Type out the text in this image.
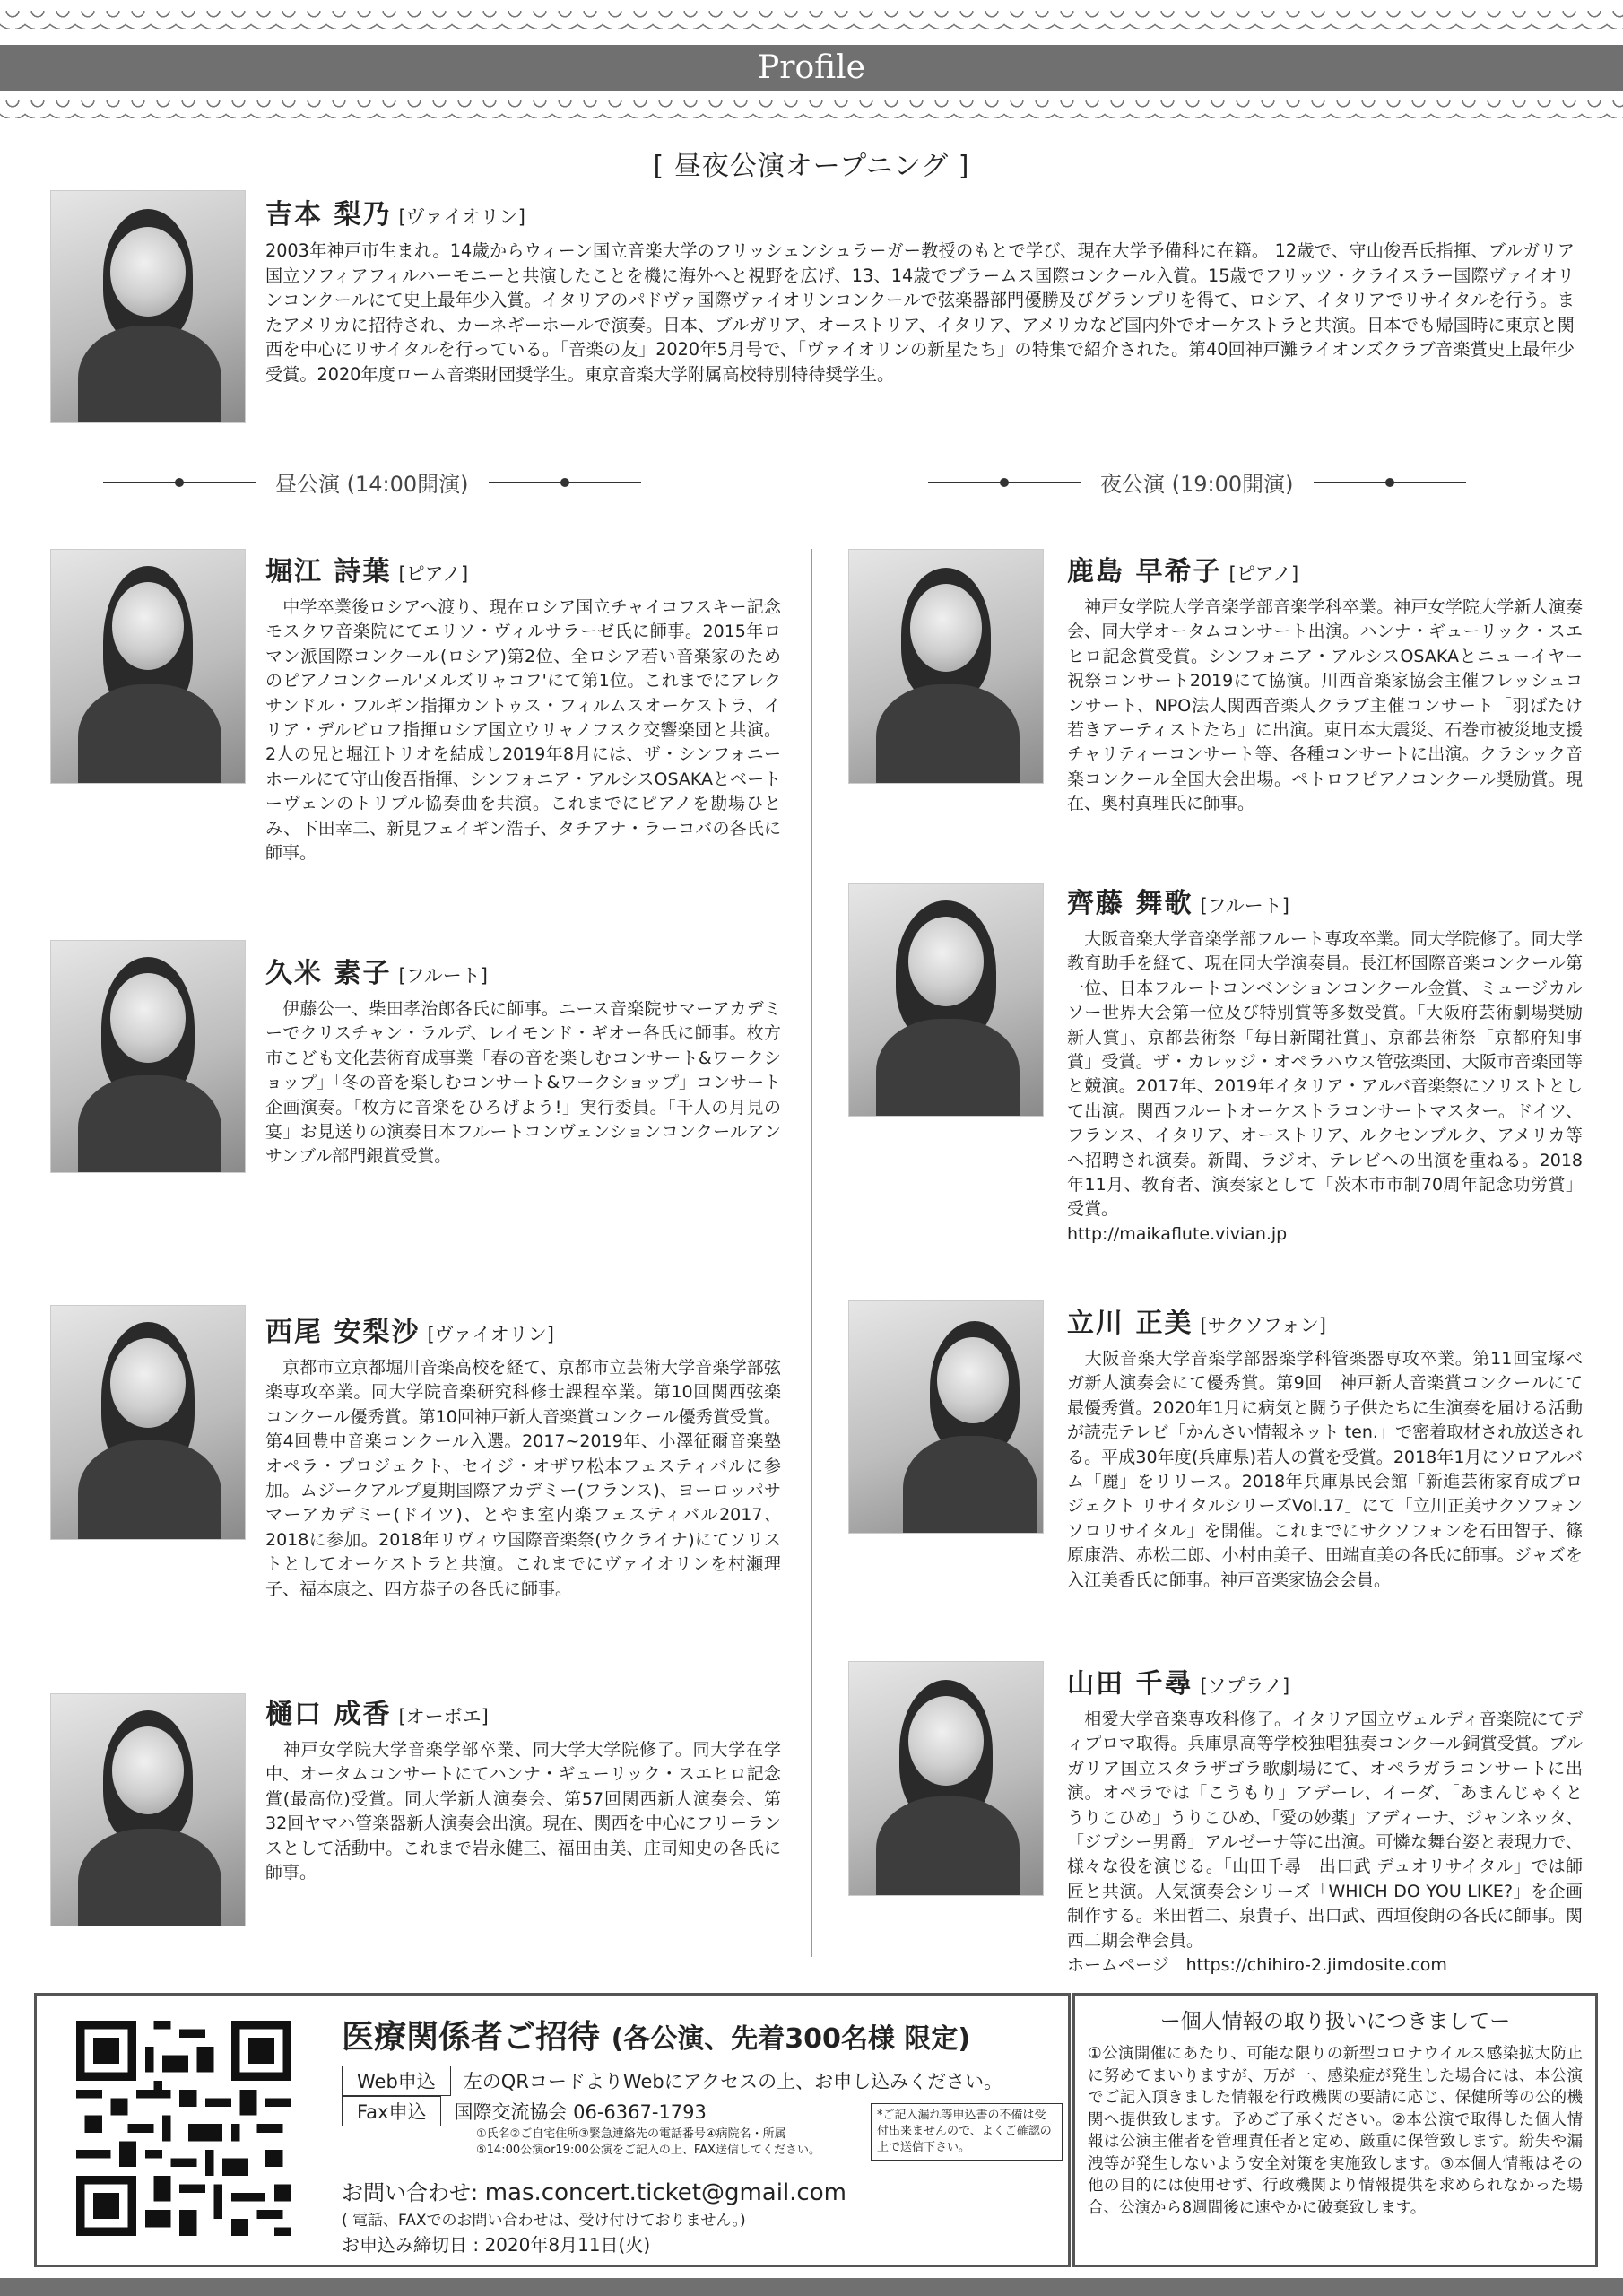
Profile
[ 昼夜公演オープニング ]
吉本 梨乃 [ヴァイオリン]
2003年神戸市生まれ。14歳からウィーン国立音楽大学のフリッシェンシュラーガー教授のもとで学び、現在大学予備科に在籍。 12歳で、守山俊吾氏指揮、ブルガリア国立ソフィアフィルハーモニーと共演したことを機に海外へと視野を広げ、13、14歳でブラームス国際コンクール入賞。15歳でフリッツ・クライスラー国際ヴァイオリンコンクールにて史上最年少入賞。イタリアのパドヴァ国際ヴァイオリンコンクールで弦楽器部門優勝及びグランプリを得て、ロシア、イタリアでリサイタルを行う。またアメリカに招待され、カーネギーホールで演奏。日本、ブルガリア、オーストリア、イタリア、アメリカなど国内外でオーケストラと共演。日本でも帰国時に東京と関西を中心にリサイタルを行っている。「音楽の友」2020年5月号で、「ヴァイオリンの新星たち」の特集で紹介された。第40回神戸灘ライオンズクラブ音楽賞史上最年少受賞。2020年度ローム音楽財団奨学生。東京音楽大学附属高校特別特待奨学生。
昼公演 (14:00開演)	夜公演 (19:00開演)
堀江 詩葉 [ピアノ]
　中学卒業後ロシアへ渡り、現在ロシア国立チャイコフスキー記念モスクワ音楽院にてエリソ・ヴィルサラーゼ氏に師事。2015年ロマン派国際コンクール(ロシア)第2位、全ロシア若い音楽家のためのピアノコンクール'メルズリャコフ'にて第1位。これまでにアレクサンドル・フルギン指揮カントゥス・フィルムスオーケストラ、イリア・デルビロフ指揮ロシア国立ウリャノフスク交響楽団と共演。2人の兄と堀江トリオを結成し2019年8月には、ザ・シンフォニーホールにて守山俊吾指揮、シンフォニア・アルシスOSAKAとベートーヴェンのトリプル協奏曲を共演。これまでにピアノを勘場ひとみ、下田幸二、新見フェイギン浩子、タチアナ・ラーコバの各氏に師事。
久米 素子 [フルート]
　伊藤公一、柴田孝治郎各氏に師事。ニース音楽院サマーアカデミーでクリスチャン・ラルデ、レイモンド・ギオー各氏に師事。枚方市こども文化芸術育成事業「春の音を楽しむコンサート&ワークショップ」「冬の音を楽しむコンサート&ワークショップ」コンサート企画演奏。「枚方に音楽をひろげよう!」実行委員。「千人の月見の宴」お見送りの演奏日本フルートコンヴェンションコンクールアンサンブル部門銀賞受賞。
西尾 安梨沙 [ヴァイオリン]
　京都市立京都堀川音楽高校を経て、京都市立芸術大学音楽学部弦楽専攻卒業。同大学院音楽研究科修士課程卒業。第10回関西弦楽コンクール優秀賞。第10回神戸新人音楽賞コンクール優秀賞受賞。第4回豊中音楽コンクール入選。2017~2019年、小澤征爾音楽塾オペラ・プロジェクト、セイジ・オザワ松本フェスティバルに参加。ムジークアルプ夏期国際アカデミー(フランス)、ヨーロッパサマーアカデミー(ドイツ)、とやま室内楽フェスティバル2017、2018に参加。2018年リヴィウ国際音楽祭(ウクライナ)にてソリストとしてオーケストラと共演。これまでにヴァイオリンを村瀬理子、福本康之、四方恭子の各氏に師事。
樋口 成香 [オーボエ]
　神戸女学院大学音楽学部卒業、同大学大学院修了。同大学在学中、オータムコンサートにてハンナ・ギューリック・スエヒロ記念賞(最高位)受賞。同大学新人演奏会、第57回関西新人演奏会、第32回ヤマハ管楽器新人演奏会出演。現在、関西を中心にフリーランスとして活動中。これまで岩永健三、福田由美、庄司知史の各氏に師事。
鹿島 早希子 [ピアノ]
　神戸女学院大学音楽学部音楽学科卒業。神戸女学院大学新人演奏会、同大学オータムコンサート出演。ハンナ・ギューリック・スエヒロ記念賞受賞。シンフォニア・アルシスOSAKAとニューイヤー祝祭コンサート2019にて協演。川西音楽家協会主催フレッシュコンサート、NPO法人関西音楽人クラブ主催コンサート「羽ばたけ　若きアーティストたち」に出演。東日本大震災、石巻市被災地支援チャリティーコンサート等、各種コンサートに出演。クラシック音楽コンクール全国大会出場。ペトロフピアノコンクール奨励賞。現在、奥村真理氏に師事。
齊藤 舞歌 [フルート]
　大阪音楽大学音楽学部フルート専攻卒業。同大学院修了。同大学教育助手を経て、現在同大学演奏員。長江杯国際音楽コンクール第一位、日本フルートコンベンションコンクール金賞、ミュージカルソー世界大会第一位及び特別賞等多数受賞。「大阪府芸術劇場奨励新人賞」、京都芸術祭「毎日新聞社賞」、京都芸術祭「京都府知事賞」受賞。ザ・カレッジ・オペラハウス管弦楽団、大阪市音楽団等と競演。2017年、2019年イタリア・アルバ音楽祭にソリストとして出演。関西フルートオーケストラコンサートマスター。ドイツ、フランス、イタリア、オーストリア、ルクセンブルク、アメリカ等へ招聘され演奏。新聞、ラジオ、テレビへの出演を重ねる。2018年11月、教育者、演奏家として「茨木市市制70周年記念功労賞」受賞。
http://maikaflute.vivian.jp
立川 正美 [サクソフォン]
　大阪音楽大学音楽学部器楽学科管楽器専攻卒業。第11回宝塚ベガ新人演奏会にて優秀賞。第9回　神戸新人音楽賞コンクールにて最優秀賞。2020年1月に病気と闘う子供たちに生演奏を届ける活動が読売テレビ「かんさい情報ネット ten.」で密着取材され放送される。平成30年度(兵庫県)若人の賞を受賞。2018年1月にソロアルバム「麗」をリリース。2018年兵庫県民会館「新進芸術家育成プロジェクト リサイタルシリーズVol.17」にて「立川正美サクソフォンソロリサイタル」を開催。これまでにサクソフォンを石田智子、篠原康浩、赤松二郎、小村由美子、田端直美の各氏に師事。ジャズを入江美香氏に師事。神戸音楽家協会会員。
山田 千尋 [ソプラノ]
　相愛大学音楽専攻科修了。イタリア国立ヴェルディ音楽院にてディプロマ取得。兵庫県高等学校独唱独奏コンクール銅賞受賞。ブルガリア国立スタラザゴラ歌劇場にて、オペラガラコンサートに出演。オペラでは「こうもり」アデーレ、イーダ、「あまんじゃくとうりこひめ」うりこひめ、「愛の妙薬」アディーナ、ジャンネッタ、「ジプシー男爵」アルゼーナ等に出演。可憐な舞台姿と表現力で、様々な役を演じる。「山田千尋　出口武 デュオリサイタル」では師匠と共演。人気演奏会シリーズ「WHICH DO YOU LIKE?」を企画制作する。米田哲二、泉貴子、出口武、西垣俊朗の各氏に師事。関西二期会準会員。
ホームページ　https://chihiro-2.jimdosite.com
医療関係者ご招待 (各公演、先着300名様 限定)
Web申込	左のQRコードよりWebにアクセスの上、お申し込みください。
Fax申込	国際交流協会 06-6367-1793
①氏名②ご自宅住所③緊急連絡先の電話番号④病院名・所属
⑤14:00公演or19:00公演をご記入の上、FAX送信してください。
*ご記入漏れ等申込書の不備は受付出来ませんので、よくご確認の上で送信下さい。
お問い合わせ: mas.concert.ticket@gmail.com
( 電話、FAXでのお問い合わせは、受け付けておりません。)
お申込み締切日 : 2020年8月11日(火)
ー個人情報の取り扱いにつきましてー
①公演開催にあたり、可能な限りの新型コロナウイルス感染拡大防止に努めてまいりますが、万が一、感染症が発生した場合には、本公演でご記入頂きました情報を行政機関の要請に応じ、保健所等の公的機関へ提供致します。予めご了承ください。②本公演で取得した個人情報は公演主催者を管理責任者と定め、厳重に保管致します。紛失や漏洩等が発生しないよう安全対策を実施致します。③本個人情報はその他の目的には使用せず、行政機関より情報提供を求められなかった場合、公演から8週間後に速やかに破棄致します。
